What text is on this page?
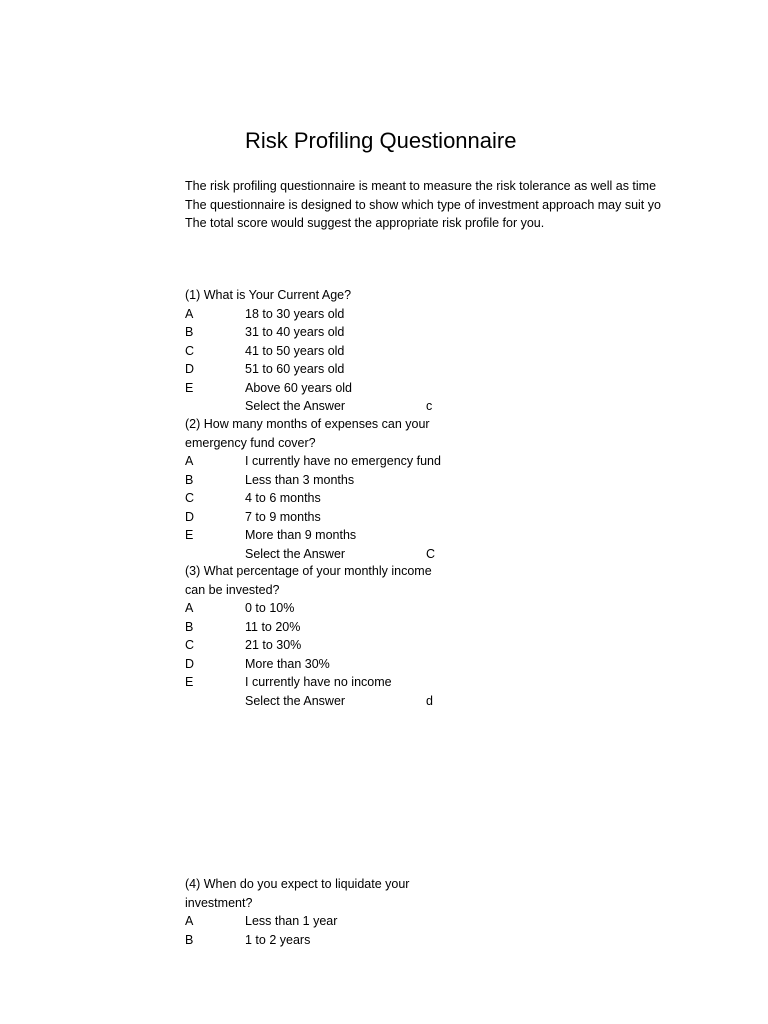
Risk Profiling Questionnaire
The risk profiling questionnaire is meant to measure the risk tolerance as well as time
The questionnaire is designed to show which type of investment approach may suit yo
The total score would suggest the appropriate risk profile for you.
(1) What is Your Current Age?
A	18 to 30 years old
B	31 to 40 years old
C	41 to 50 years old
D	51 to 60 years old
E	Above 60 years old
Select the Answer	c
(2) How many months of expenses can your
emergency fund cover?
A	I currently have no emergency fund
B	Less than 3 months
C	4 to 6 months
D	7 to 9 months
E	More than 9 months
Select the Answer	C
(3) What percentage of your monthly income
can be invested?
A	0 to 10%
B	11 to 20%
C	21 to 30%
D	More than 30%
E	I currently have no income
Select the Answer	d
(4) When do you expect to liquidate your
investment?
A	Less than 1 year
B	1 to 2 years
